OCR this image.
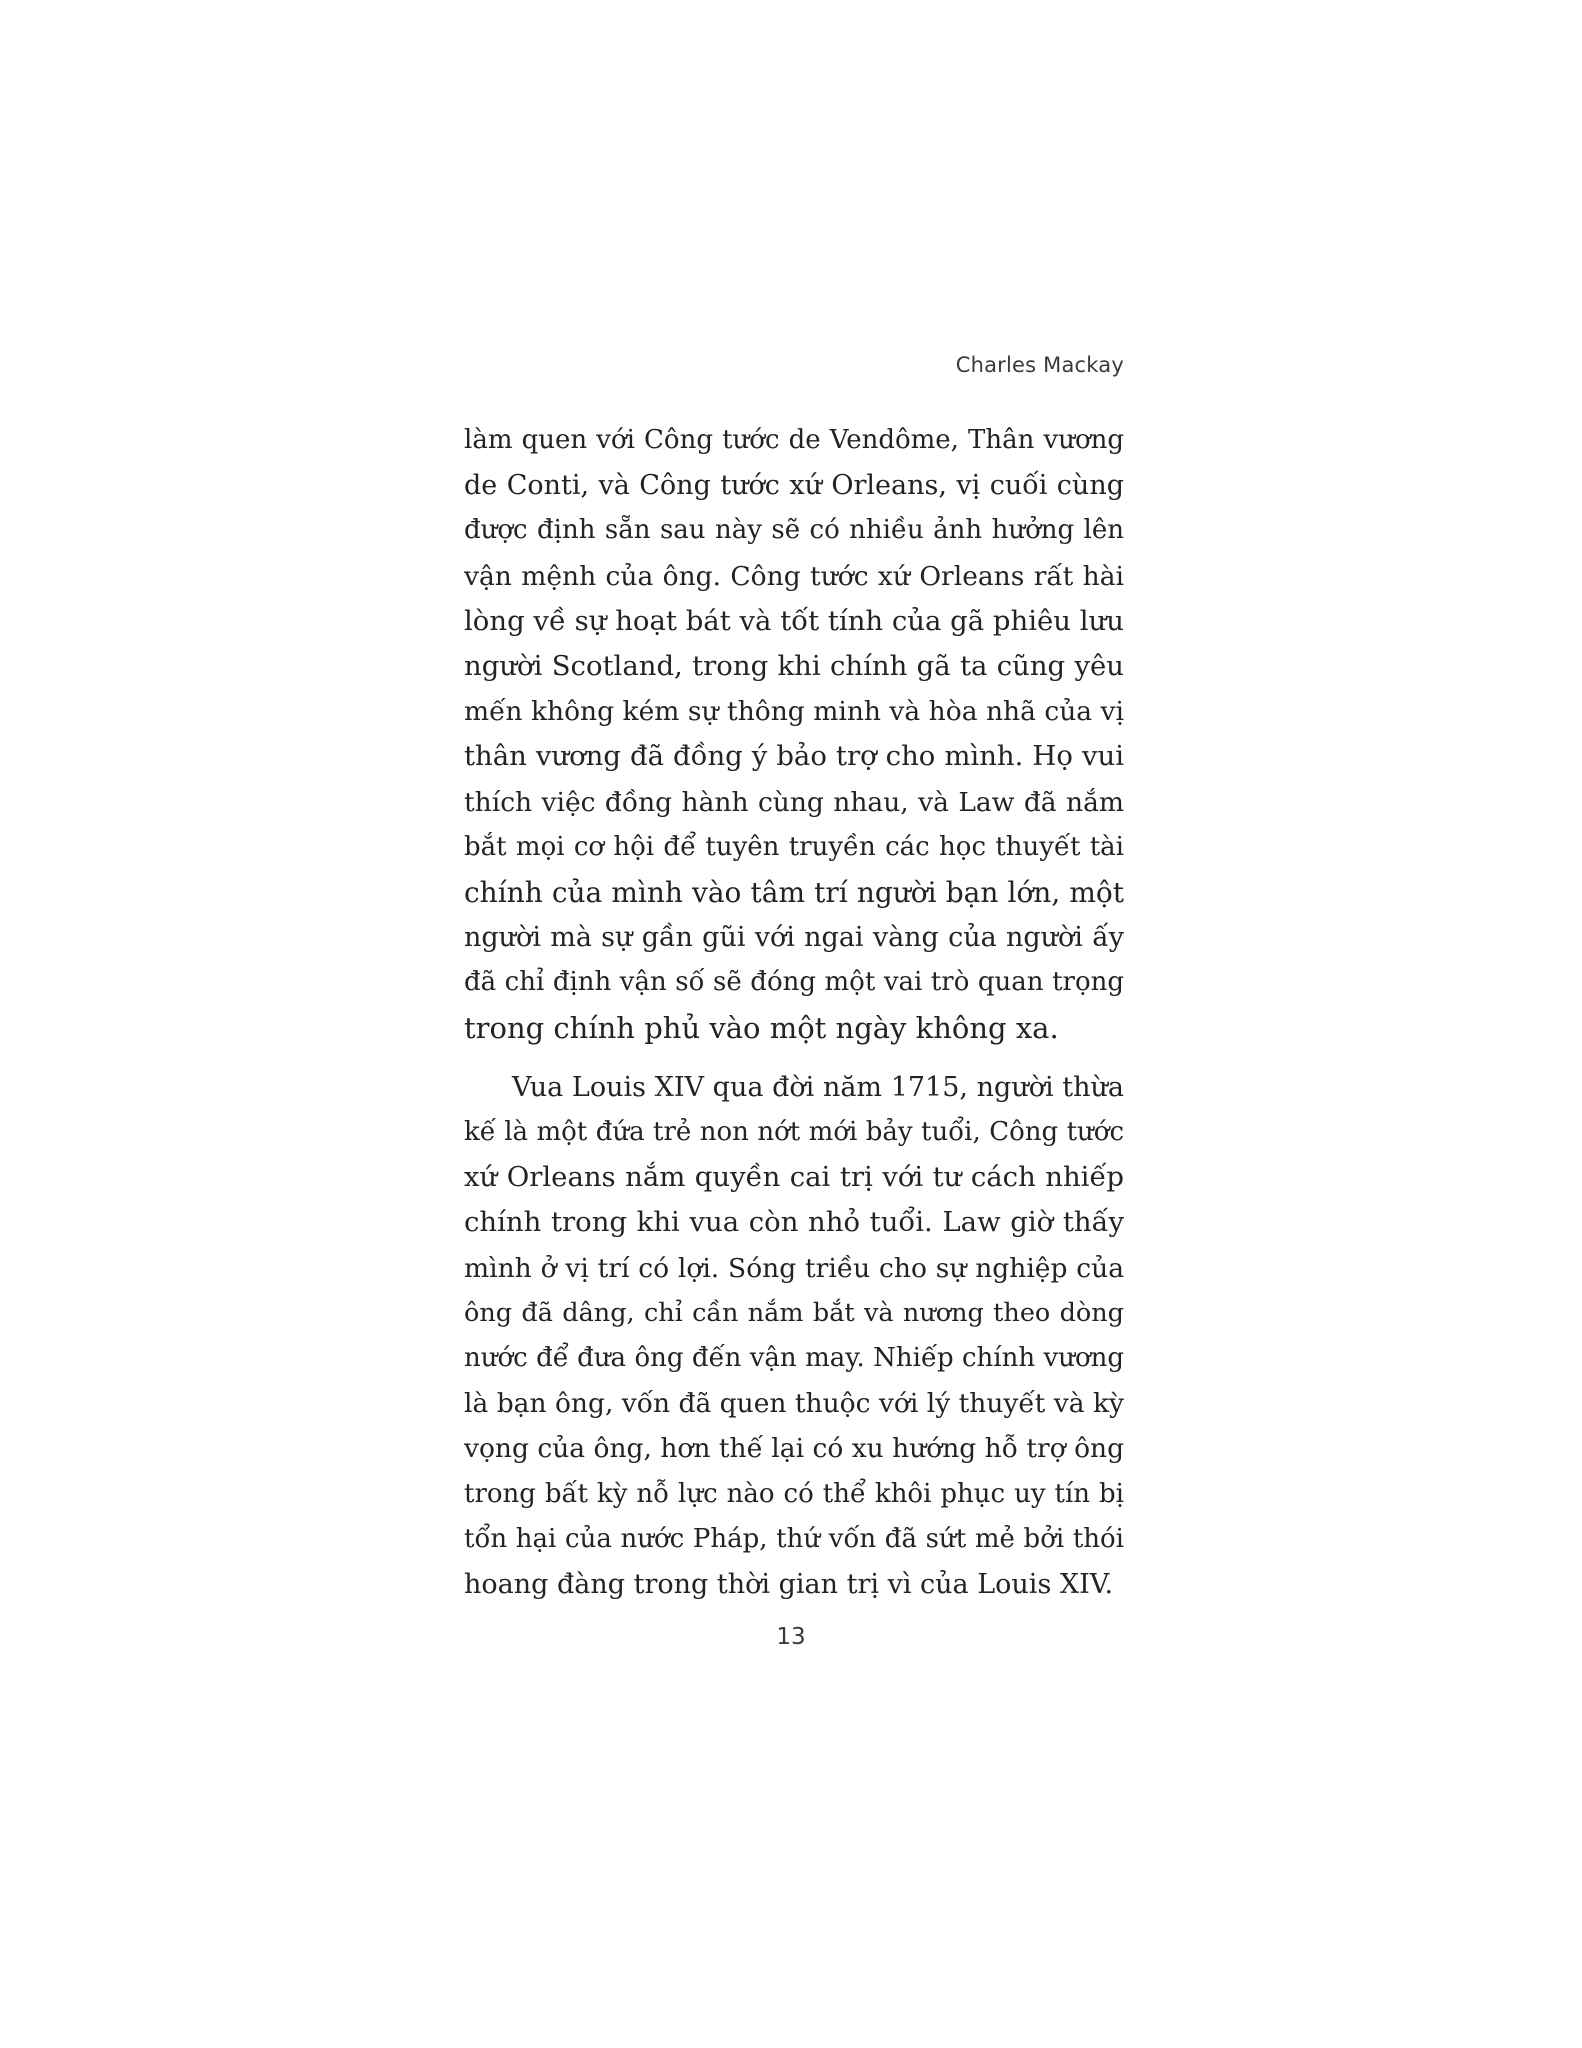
Charles Mackay

làm quen với Công tước de Vendôme, Thân vương
de Conti, và Công tước xứ Orleans, vị cuối cùng
được định sẵn sau này sẽ có nhiều ảnh hưởng lên
vận mệnh của ông. Công tước xứ Orleans rất hài
lòng về sự hoạt bát và tốt tính của gã phiêu lưu
người Scotland, trong khi chính gã ta cũng yêu
mến không kém sự thông minh và hòa nhã của vị
thân vương đã đồng ý bảo trợ cho mình. Họ vui
thích việc đồng hành cùng nhau, và Law đã nắm
bắt mọi cơ hội để tuyên truyền các học thuyết tài
chính của mình vào tâm trí người bạn lớn, một
người mà sự gần gũi với ngai vàng của người ấy
đã chỉ định vận số sẽ đóng một vai trò quan trọng
trong chính phủ vào một ngày không xa.

Vua Louis XIV qua đời năm 1715, người thừa
kế là một đứa trẻ non nớt mới bảy tuổi, Công tước
xứ Orleans nắm quyền cai trị với tư cách nhiếp
chính trong khi vua còn nhỏ tuổi. Law giờ thấy
mình ở vị trí có lợi. Sóng triều cho sự nghiệp của
ông đã dâng, chỉ cần nắm bắt và nương theo dòng
nước để đưa ông đến vận may. Nhiếp chính vương
là bạn ông, vốn đã quen thuộc với lý thuyết và kỳ
vọng của ông, hơn thế lại có xu hướng hỗ trợ ông
trong bất kỳ nỗ lực nào có thể khôi phục uy tín bị
tổn hại của nước Pháp, thứ vốn đã sứt mẻ bởi thói
hoang đàng trong thời gian trị vì của Louis XIV.

13
